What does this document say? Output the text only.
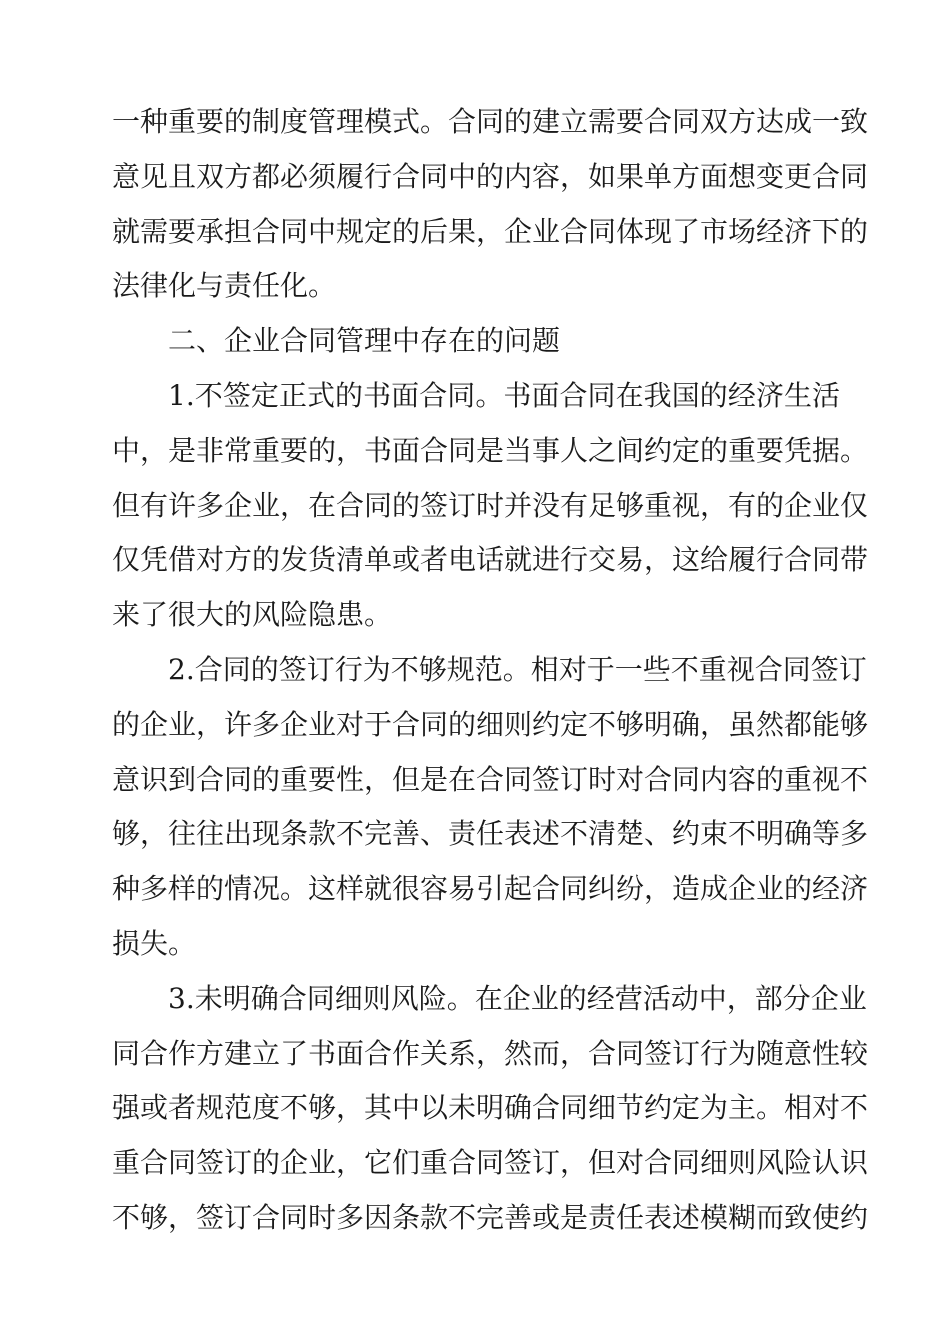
一种重要的制度管理模式。合同的建立需要合同双方达成一致
意见且双方都必须履行合同中的内容，如果单方面想变更合同
就需要承担合同中规定的后果，企业合同体现了市场经济下的
法律化与责任化。
二、企业合同管理中存在的问题
1.不签定正式的书面合同。书面合同在我国的经济生活
中，是非常重要的，书面合同是当事人之间约定的重要凭据。
但有许多企业，在合同的签订时并没有足够重视，有的企业仅
仅凭借对方的发货清单或者电话就进行交易，这给履行合同带
来了很大的风险隐患。
2.合同的签订行为不够规范。相对于一些不重视合同签订
的企业，许多企业对于合同的细则约定不够明确，虽然都能够
意识到合同的重要性，但是在合同签订时对合同内容的重视不
够，往往出现条款不完善、责任表述不清楚、约束不明确等多
种多样的情况。这样就很容易引起合同纠纷，造成企业的经济
损失。
3.未明确合同细则风险。在企业的经营活动中，部分企业
同合作方建立了书面合作关系，然而，合同签订行为随意性较
强或者规范度不够，其中以未明确合同细节约定为主。相对不
重合同签订的企业，它们重合同签订，但对合同细则风险认识
不够，签订合同时多因条款不完善或是责任表述模糊而致使约
